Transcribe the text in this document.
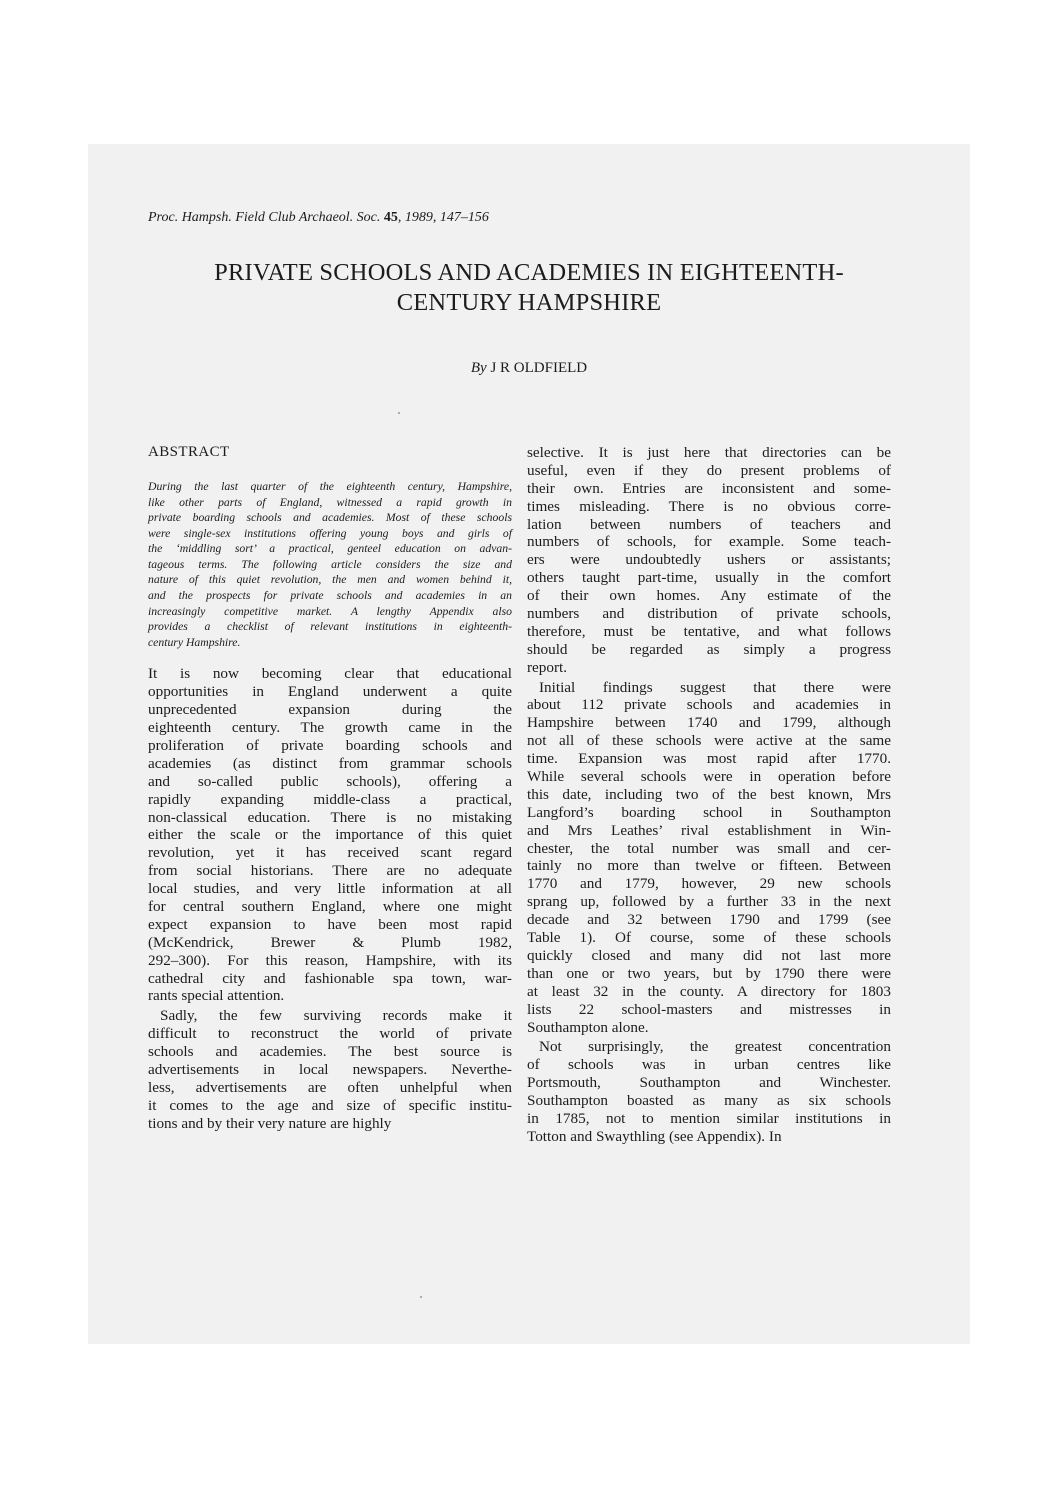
Proc. Hampsh. Field Club Archaeol. Soc. 45, 1989, 147–156
PRIVATE SCHOOLS AND ACADEMIES IN EIGHTEENTH-
CENTURY HAMPSHIRE
By J R OLDFIELD
ABSTRACT
During the last quarter of the eighteenth century, Hampshire,
like other parts of England, witnessed a rapid growth in
private boarding schools and academies. Most of these schools
were single-sex institutions offering young boys and girls of
the ‘middling sort’ a practical, genteel education on advan-
tageous terms. The following article considers the size and
nature of this quiet revolution, the men and women behind it,
and the prospects for private schools and academies in an
increasingly competitive market. A lengthy Appendix also
provides a checklist of relevant institutions in eighteenth-
century Hampshire.
It is now becoming clear that educational
opportunities in England underwent a quite
unprecedented expansion during the
eighteenth century. The growth came in the
proliferation of private boarding schools and
academies (as distinct from grammar schools
and so-called public schools), offering a
rapidly expanding middle-class a practical,
non-classical education. There is no mistaking
either the scale or the importance of this quiet
revolution, yet it has received scant regard
from social historians. There are no adequate
local studies, and very little information at all
for central southern England, where one might
expect expansion to have been most rapid
(McKendrick, Brewer & Plumb 1982,
292–300). For this reason, Hampshire, with its
cathedral city and fashionable spa town, war-
rants special attention.
Sadly, the few surviving records make it
difficult to reconstruct the world of private
schools and academies. The best source is
advertisements in local newspapers. Neverthe-
less, advertisements are often unhelpful when
it comes to the age and size of specific institu-
tions and by their very nature are highly
selective. It is just here that directories can be
useful, even if they do present problems of
their own. Entries are inconsistent and some-
times misleading. There is no obvious corre-
lation between numbers of teachers and
numbers of schools, for example. Some teach-
ers were undoubtedly ushers or assistants;
others taught part-time, usually in the comfort
of their own homes. Any estimate of the
numbers and distribution of private schools,
therefore, must be tentative, and what follows
should be regarded as simply a progress
report.
Initial findings suggest that there were
about 112 private schools and academies in
Hampshire between 1740 and 1799, although
not all of these schools were active at the same
time. Expansion was most rapid after 1770.
While several schools were in operation before
this date, including two of the best known, Mrs
Langford’s boarding school in Southampton
and Mrs Leathes’ rival establishment in Win-
chester, the total number was small and cer-
tainly no more than twelve or fifteen. Between
1770 and 1779, however, 29 new schools
sprang up, followed by a further 33 in the next
decade and 32 between 1790 and 1799 (see
Table 1). Of course, some of these schools
quickly closed and many did not last more
than one or two years, but by 1790 there were
at least 32 in the county. A directory for 1803
lists 22 school-masters and mistresses in
Southampton alone.
Not surprisingly, the greatest concentration
of schools was in urban centres like
Portsmouth, Southampton and Winchester.
Southampton boasted as many as six schools
in 1785, not to mention similar institutions in
Totton and Swaythling (see Appendix). In
